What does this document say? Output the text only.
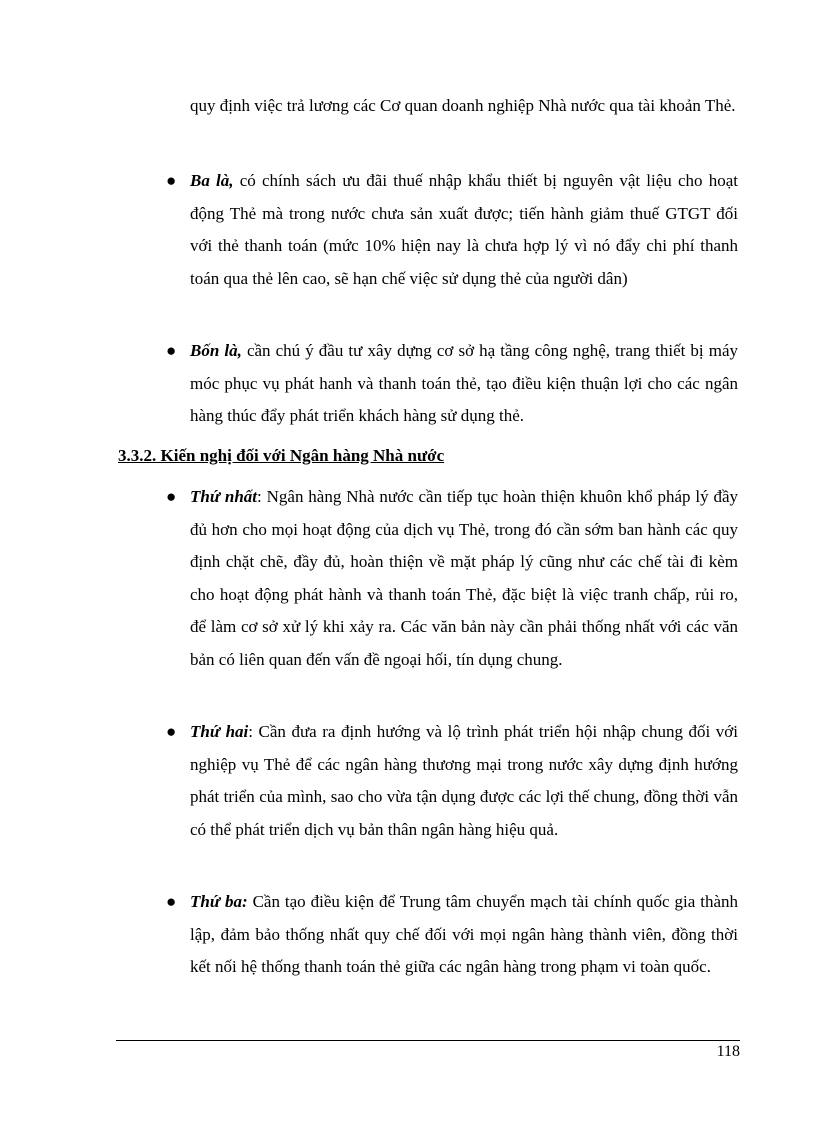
quy định việc trả lương các Cơ quan doanh nghiệp Nhà nước qua tài khoản Thẻ.

● Ba là, có chính sách ưu đãi thuế nhập khẩu thiết bị nguyên vật liệu cho hoạt động Thẻ mà trong nước chưa sản xuất được; tiến hành giảm thuế GTGT đối với thẻ thanh toán (mức 10% hiện nay là chưa hợp lý vì nó đẩy chi phí thanh toán qua thẻ lên cao, sẽ hạn chế việc sử dụng thẻ của người dân)

● Bốn là, cần chú ý đầu tư xây dựng cơ sở hạ tầng công nghệ, trang thiết bị máy móc phục vụ phát hanh và thanh toán thẻ, tạo điều kiện thuận lợi cho các ngân hàng thúc đẩy phát triển khách hàng sử dụng thẻ.

3.3.2. Kiến nghị đối với Ngân hàng Nhà nước
● Thứ nhất: Ngân hàng Nhà nước cần tiếp tục hoàn thiện khuôn khổ pháp lý đầy đủ hơn cho mọi hoạt động của dịch vụ Thẻ, trong đó cần sớm ban hành các quy định chặt chẽ, đầy đủ, hoàn thiện về mặt pháp lý cũng như các chế tài đi kèm cho hoạt động phát hành và thanh toán Thẻ, đặc biệt là việc tranh chấp, rủi ro, để làm cơ sở xử lý khi xảy ra. Các văn bản này cần phải thống nhất với các văn bản có liên quan đến vấn đề ngoại hối, tín dụng chung.

● Thứ hai: Cần đưa ra định hướng và lộ trình phát triển hội nhập chung đối với nghiệp vụ Thẻ để các ngân hàng thương mại trong nước xây dựng định hướng phát triển của mình, sao cho vừa tận dụng được các lợi thế chung, đồng thời vẫn có thể phát triển dịch vụ bản thân ngân hàng hiệu quả.

● Thứ ba: Cần tạo điều kiện để Trung tâm chuyển mạch tài chính quốc gia thành lập, đảm bảo thống nhất quy chế đối với mọi ngân hàng thành viên, đồng thời kết nối hệ thống thanh toán thẻ giữa các ngân hàng trong phạm vi toàn quốc.

118
